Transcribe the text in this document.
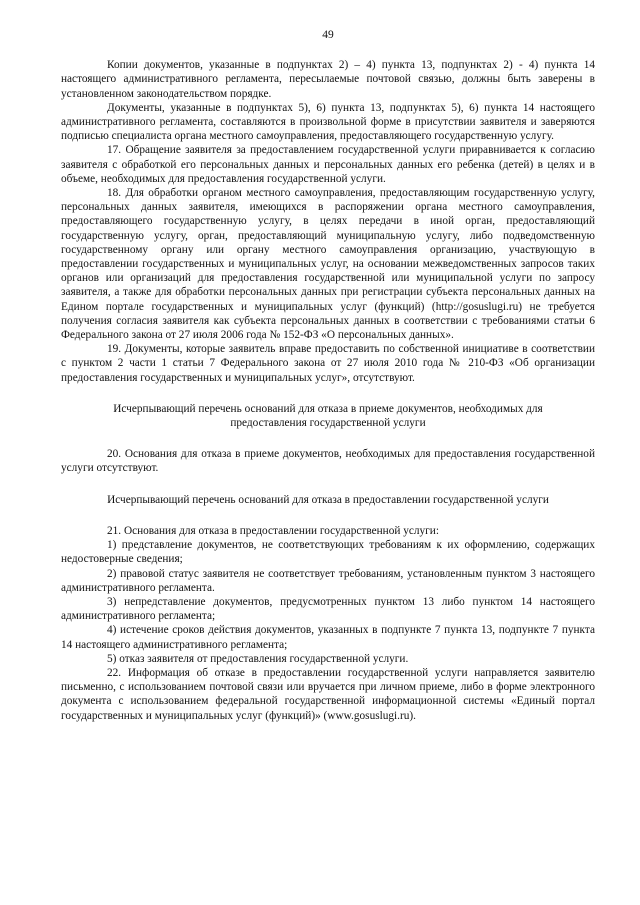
49

Копии документов, указанные в подпунктах 2) – 4) пункта 13, подпунктах 2) - 4) пункта 14 настоящего административного регламента, пересылаемые почтовой связью, должны быть заверены в установленном законодательством порядке.

Документы, указанные в подпунктах 5), 6) пункта 13, подпунктах 5), 6) пункта 14 настоящего административного регламента, составляются в произвольной форме в присутствии заявителя и заверяются подписью специалиста органа местного самоуправления, предоставляющего государственную услугу.

17. Обращение заявителя за предоставлением государственной услуги приравнивается к согласию заявителя с обработкой его персональных данных и персональных данных его ребенка (детей) в целях и в объеме, необходимых для предоставления государственной услуги.

18. Для обработки органом местного самоуправления, предоставляющим государственную услугу, персональных данных заявителя, имеющихся в распоряжении органа местного самоуправления, предоставляющего государственную услугу, в целях передачи в иной орган, предоставляющий государственную услугу, орган, предоставляющий муниципальную услугу, либо подведомственную государственному органу или органу местного самоуправления организацию, участвующую в предоставлении государственных и муниципальных услуг, на основании межведомственных запросов таких органов или организаций для предоставления государственной или муниципальной услуги по запросу заявителя, а также для обработки персональных данных при регистрации субъекта персональных данных на Едином портале государственных и муниципальных услуг (функций) (http://gosuslugi.ru) не требуется получения согласия заявителя как субъекта персональных данных в соответствии с требованиями статьи 6 Федерального закона от 27 июля 2006 года № 152-ФЗ «О персональных данных».

19. Документы, которые заявитель вправе предоставить по собственной инициативе в соответствии с пунктом 2 части 1 статьи 7 Федерального закона от 27 июля 2010 года № 210-ФЗ «Об организации предоставления государственных и муниципальных услуг», отсутствуют.

Исчерпывающий перечень оснований для отказа в приеме документов, необходимых для предоставления государственной услуги

20. Основания для отказа в приеме документов, необходимых для предоставления государственной услуги отсутствуют.

Исчерпывающий перечень оснований для отказа в предоставлении государственной услуги

21. Основания для отказа в предоставлении государственной услуги:

1) представление документов, не соответствующих требованиям к их оформлению, содержащих недостоверные сведения;

2) правовой статус заявителя не соответствует требованиям, установленным пунктом 3 настоящего административного регламента.

3) непредставление документов, предусмотренных пунктом 13 либо пунктом 14 настоящего административного регламента;

4) истечение сроков действия документов, указанных в подпункте 7 пункта 13, подпункте 7 пункта 14 настоящего административного регламента;

5) отказ заявителя от предоставления государственной услуги.

22. Информация об отказе в предоставлении государственной услуги направляется заявителю письменно, с использованием почтовой связи или вручается при личном приеме, либо в форме электронного документа с использованием федеральной государственной информационной системы «Единый портал государственных и муниципальных услуг (функций)» (www.gosuslugi.ru).
